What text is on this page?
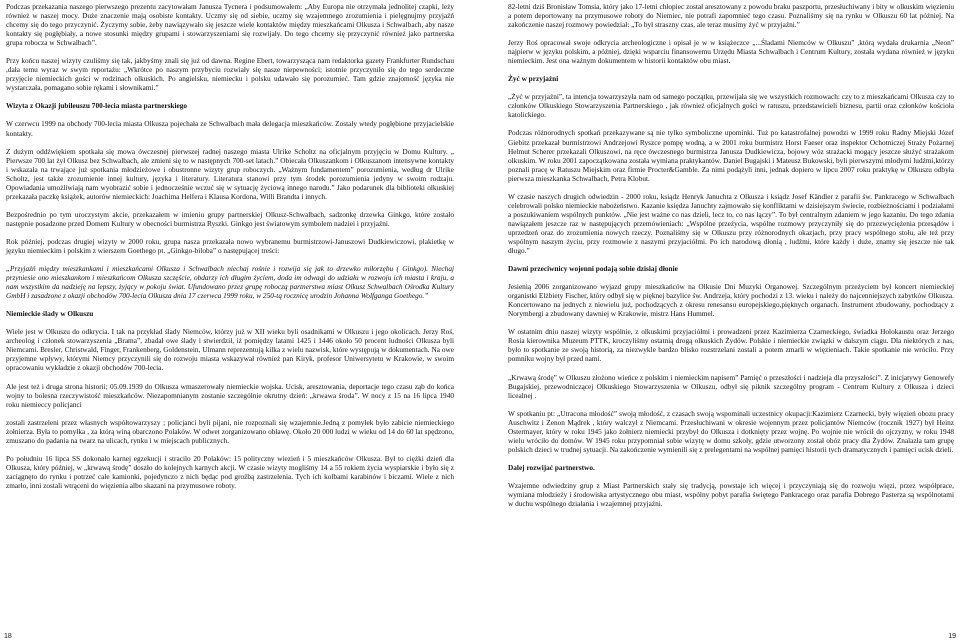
Podczas przekazania naszego pierwszego prezentu zacytowałam Janusza Tycnera i podsumowałem: „Aby Europa nie otrzymała jednolitej czapki, leży również w naszej mocy. Duże znaczenie mają osobiste kontakty. Uczmy się od siebie, uczmy się wzajemnego zrozumienia i pielęgnujmy przyjaźń chcemy się do tego przyczynić. Życzymy sobie, żeby nawiązywało się jeszcze wiele kontaktów między mieszkańcami Olkusza i Schwalbach, aby nasze kontakty się pogłębiały, a nowe stosunki między grupami i stowarzyszeniami się rozwijały. Do tego chcemy się przyczynić również jako partnerska grupa robocza w Schwalbach”.

Przy końcu naszej wizyty czuliśmy się tak, jakbyśmy znali się już od dawna. Regine Ebert, towarzysząca nam redaktorka gazety Frankfurter Rundschau ,dała temu wyraz w swym reportażu: „Wkrótce po naszym przybyciu rozwiały się nasze niepewności; istotnie przyczyniło się do tego serdeczne przyjęcie niemieckich gości w rodzinach olkuskich. Po angielsku, niemiecku i polsku udawało się porozumieć. Tam gdzie znajomość języka nie wystarczała, pomagano sobie rękami i słownikami.”

Wizyta z Okazji jubileuszu 700-lecia miasta partnerskiego

W czerwcu 1999 na obchody 700-lecia miasta Olkusza pojechała ze Schwalbach mała delegacja mieszkańców. Zostały wtedy pogłębione przyjacielskie kontakty.

Z dużym oddźwiękiem spotkała się mowa ówczesnej pierwszej radnej naszego miasta Ulrike Scholtz na oficjalnym przyjęciu w Domu Kultury. „ Pierwsze 700 lat żył Olkusz bez Schwalbach, ale zmieni się to w następnych 700-set latach.” Obiecała Olkuszankom i Olkuszanom intensywne kontakty i wskazała na trwające już spotkania młodzieżowe i obustronne wizyty grup roboczych. „Ważnym fundamentem” porozumienia, według dr Ulrike Scholtz, jest także zrozumienie innej kultury, języka i literatury. Literatura stanowi przy tym środek porozumienia jedyny w swoim rodzaju. Opowiadania umożliwiają nam wyobrazić sobie i jednocześnie wczuć się w sytuację życiową innego narodu.” Jako podarunek dla biblioteki olkuskiej przekazała paczkę książek, autorów niemieckich: Joachima Helfera i Klausa Kordona, Willi Brandta i innych.

Bezpośrednio po tym uroczystym akcie, przekazałem w imieniu grupy partnerskiej Olkusz-Schwalbach, sadzonkę drzewka Ginkgo, które zostało następnie posadzone przed Domem Kultury w obecności burmistrza Ryszki. Ginkgo jest światowym symbolem nadziei i przyjaźni.

Rok później, podczas drugiej wizyty w 2000 roku, grupa nasza przekazała nowo wybranemu burmistrzowi-Januszowi Dudkiewiczowi, plakietkę w języku niemieckim i polskim z wierszem Goethego pt. „Ginkgo-biloba” o następującej treści:

„Przyjaźń między mieszkankami i mieszkańcami Olkusza i Schwalbach niechaj rośnie i rozwija się jak to drzewko miłorzębu ( Ginkgo). Niechaj przyniesie ono mieszkankom i mieszkańcom Olkusza szczęście, obdarzy ich długim życiem, doda im odwagi do udziału w rozwoju ich miasta i kraju, a nam wszystkim da nadzieję na lepszy, żyjący w pokoju świat. Ufundowano przez grupę roboczą partnerstwa miast Olkusz Schwalbach Ośrodka Kultury GmbH i zasadzone z okazji obchodów 700-lecia Olkusza dnia 17 czerwca 1999 roku, w 250-tą rocznicę urodzin Johanna Wolfganga Goethego.”

Niemieckie ślady w Olkuszu

Wiele jest w Olkuszu do odkrycia. I tak na przykład ślady Niemców, którzy już w XII wieku byli osadnikami w Olkuszu i jego okolicach. Jerzy Roś, archeolog i członek stowarzyszenia „Brama”, zbadał owe ślady i stwierdził, iż pomiędzy latami 1425 i 1446 około 50 procent ludności Olkusza byli Niemcami. Bresler, Christwald, Finger, Frankenberg, Goldenstein, Ulmann reprezentują kilka z wielu nazwisk, które występują w dokumentach. Na owe przyjemne wpływy, którymi Niemcy przyczynili się do rozwoju miasta wskazywał również pan Kiryk, profesor Uniwersytetu w Krakowie, w swoim opracowaniu wykładzie z okazji obchodów 700-lecia.

Ale jest też i druga strona historii; 05.09.1939 do Olkusza wmaszerowały niemieckie wojska. Ucisk, aresztowania, deportacje tego czasu ząb do końca wojny to bolesna rzeczywistość mieszkańców. Niezapomnianym zostanie szczególnie okrutny dzień: „krwawa środa”. W nocy z 15 na 16 lipca 1940 roku niemieccy policjanci

zostali zastrzeleni przez własnych współtowarzyszy ; policjanci byli pijani, nie rozpoznali się wzajemnie.Jedną z pomyłek było zabicie niemieckiego żołnierza. Była to pomyłka , za którą winą obarczono Polaków. W odwet zorganizowano obławę. Około 20 000 ludzi w wieku od 14 do 60 lat spędzono, zmuszano do padania na twarz na ulicach, rynku i w miejscach publicznych.

Po południu 16 lipca SS dokonało karnej egzekucji i stracilo 20 Polaków: 15 polityczny wiezień i 5 mieszkańców Olkusza. Był to ciężki dzień dla Olkusza, który później, w „krwawą środę” doszło do kolejnych karnych akcji. W czasie wizyty mogliśmy 14 a 55 rokiem życia wyspiarskie i było się z zaciągnęto do rynku i potrzeć całe kamionki, pojedynczo z nich będąc pod groźbą zastrzelenia. Tych ich kolbami karabinów i biczami. Wiele z nich zmarło, inni zostali wtrąceni do więzienia albo skazani na przymusowe roboty.

82-letni dziś Bronisław Tomsia, który jako 17-letni chłopiec został aresztowany z powodu braku paszportu, przesłuchiwany i bity w olkuskim więzieniu a potem deportowany na przymusowe roboty do Niemiec, nie potrafi zapomnieć tego czasu. Poznaliśmy się na rynku w Olkuszu 60 lat później. Na zakończenie naszej rozmowy powiedział: „To był straszny czas, ale teraz musimy żyć w przyjaźni.”

Jerzy Roś opracował swoje odkrycia archeologiczne i opisał je w w książeczce „...Śladami Niemców w Olkuszu” ,którą wydała drukarnia „Neon” najpierw w języku polskim, a później, dzięki wsparciu finansowemu Urzędu Miasta Schwalbach i Centrum Kultury, została wydana również w języku niemieckim. Jest ona ważnym dokumentem w historii kontaktów obu miast.

Żyć w przyjaźni

„Żyć w przyjaźni”, ta intencja towarzyszyła nam od samego początku, przewijała się we wszystkich rozmowach: czy to z mieszkańcami Olkusza czy to członków Olkuskiego Stowarzyszenia Partnerskiego , jak również oficjalnych gości w ratuszu, przedstawicieli biznesu, partii oraz członków kościoła katolickiego.

Podczas różnorodnych spotkań przekazywane są nie tylko symboliczne upominki. Tuż po katastrofalnej powodzi w 1999 roku Radny Miejski Józef Giebitz przekazał burmistrzowi Andrzejowi Ryszce pompę wodną, a w 2001 roku burmistrz Horst Faeser oraz inspektor Ochotniczej Straży Pożarnej Helmut Scherer przekazali Olkuszowi, na ręce ówczesnego burmistrza Janusza Dudkiewicza, bojowy wóz strażacki mogący jeszcze służyć strażakom olkuskim. W roku 2001 zapoczątkowana została wymiana praktykantów. Daniel Bugajski i Mateusz Bukowski, byli pierwszymi młodymi ludźmi,którzy poznali pracę w Ratuszu Miejskim oraz firmie Procter&Gamble. Za nimi podążyli inni, jednak dopiero w lipcu 2007 roku praktykę w Olkuszu odbyła pierwsza mieszkanka Schwalbach, Petra Klobut.

W czasie naszych drugich odwiedzin - 2000 roku, ksiądz Henryk Januchta z Olkusza i ksiądz Josef Kändler z parafii św. Pankracego w Schwalbach celebrowali polsko niemieckie nabożeństwo. Kazanie księdza Januchty zajmowało się konfliktami w dzisiejszym świecie, rozbieżnościami i podziałami a poszukiwaniem wspólnych punktów. „Nie jest ważne co nas dzieli, lecz to, co nas łączy”. To był centralnym zdaniem w jego kazaniu. Do tego zdania nawiązałem jeszcze raz w następujących przemówieniach: „Wspólne przeżycia, wspólne rozmowy przyczyniły się do przezwyciężenia przesądów i uprzedzeń oraz do zrozumienia nowych rzeczy. Poznaliśmy się w Olkuszu przy różnorodnych okazjach, przy pracy wspólnego stołu, ale też przy wspólnym naszym życiu, przy rozmowie z naszymi przyjaciółmi. Po ich narodową dłonią , ludźmi, które każdy i duże, znamy się jeszcze nie tak długo.”

Dawni przeciwnicy wojenni podają sobie dzisiaj dłonie

Jesienią 2006 zorganizowano wyjazd grupy mieszkańców na Olkusie Dni Muzyki Organowej. Szczególnym przeżyciem był koncert niemieckiej organistki Elżbiety Fischer, który odbył się w pięknej bazylice św. Andrzeja, który pochodzi z 13. wieku i należy do najcenniejszych zabytków Olkusza. Koncertowano na jednych z niewielu już, pochodzących z okresu renesansu europejskiego,pięknych organach. Instrument zbudowany, pochodzący z Norymbergi a zbudowany dawniej w Krakowie, mistrz Hans Hummel.

W ostatnim dniu naszej wizyty wspólnie, z olkuskimi przyjaciółmi i prowadzeni przez Kazimierza Czarneckiego, świadka Holokaustu oraz Jerzego Rosia kierownika Muzeum PTTK, kroczyliśmy ostatnią drogą olkuskich Żydów. Polskie i niemieckie związki w dalszym ciągu. Dla niektórych z nas, było to spotkanie ze swoją historią, za niezwykle bardzo blisko rozstrzelani zostali a potem zmarli w więzieniach. Takie spotkanie nie wróciło. Przy pomniku wojny był przed nami.

„Krwawą środę” w Olkuszu złożono wieńce z polskim i niemieckim napisem” Pamięć o przeszłości i nadzieja dla przyszłości”. Z inicjatywy Genowefy Bugajskiej, przewodniczącej Olkuskiego Stowarzyszenia w Olkuszu, odbył się piknik szczególny program - Centrum Kultury z Olkusza i dzieci licealnej .

W spotkaniu pt: „Utracona młodość” swoją młodość, z czasach swoją wspominali uczestnicy okupacji:Kazimierz Czarnecki, były więzień obozu pracy Auschwitz i Zenon Mądrek , który walczył z Niemcami. Przesłuchiwani w okresie wojennym przez policjantów Niemców (rocznik 1927) był Heinz Ostermayer, który w roku 1945 jako żołnierz niemiecki przybył do Olkusza i dotknięty przez wojnę. Po wojnie nie wrócił do ojczyzny, w roku 1948 wielu wróciło do domów. W 1945 roku przypomniał sobie wizytę w domu szkoły, gdzie utworzony został obóz pracy dla Żydów. Znalazła tam grupę polskich dzieci w trudnej sytuacji. Na zakończenie wymienili się z prelegentami na wspólnej pamięci historii tych dramatycznych i pamięci ucisk dzieli.

Dalej rozwijać partnerstwo.

Wzajemne odwiedziny grup z Miast Partnerskich stały się tradycją, powstaje ich więcej i przyczyniają się do rozwoju więzi, przez współprace, wymiana młodzieży i środowiska artystycznego obu miast, wspólny pobyt parafia świętego Pankracego oraz parafia Dobrego Pasterza są wspólnotami w duchu wspólnego działania i wzajemnej przyjaźni.

18	19
